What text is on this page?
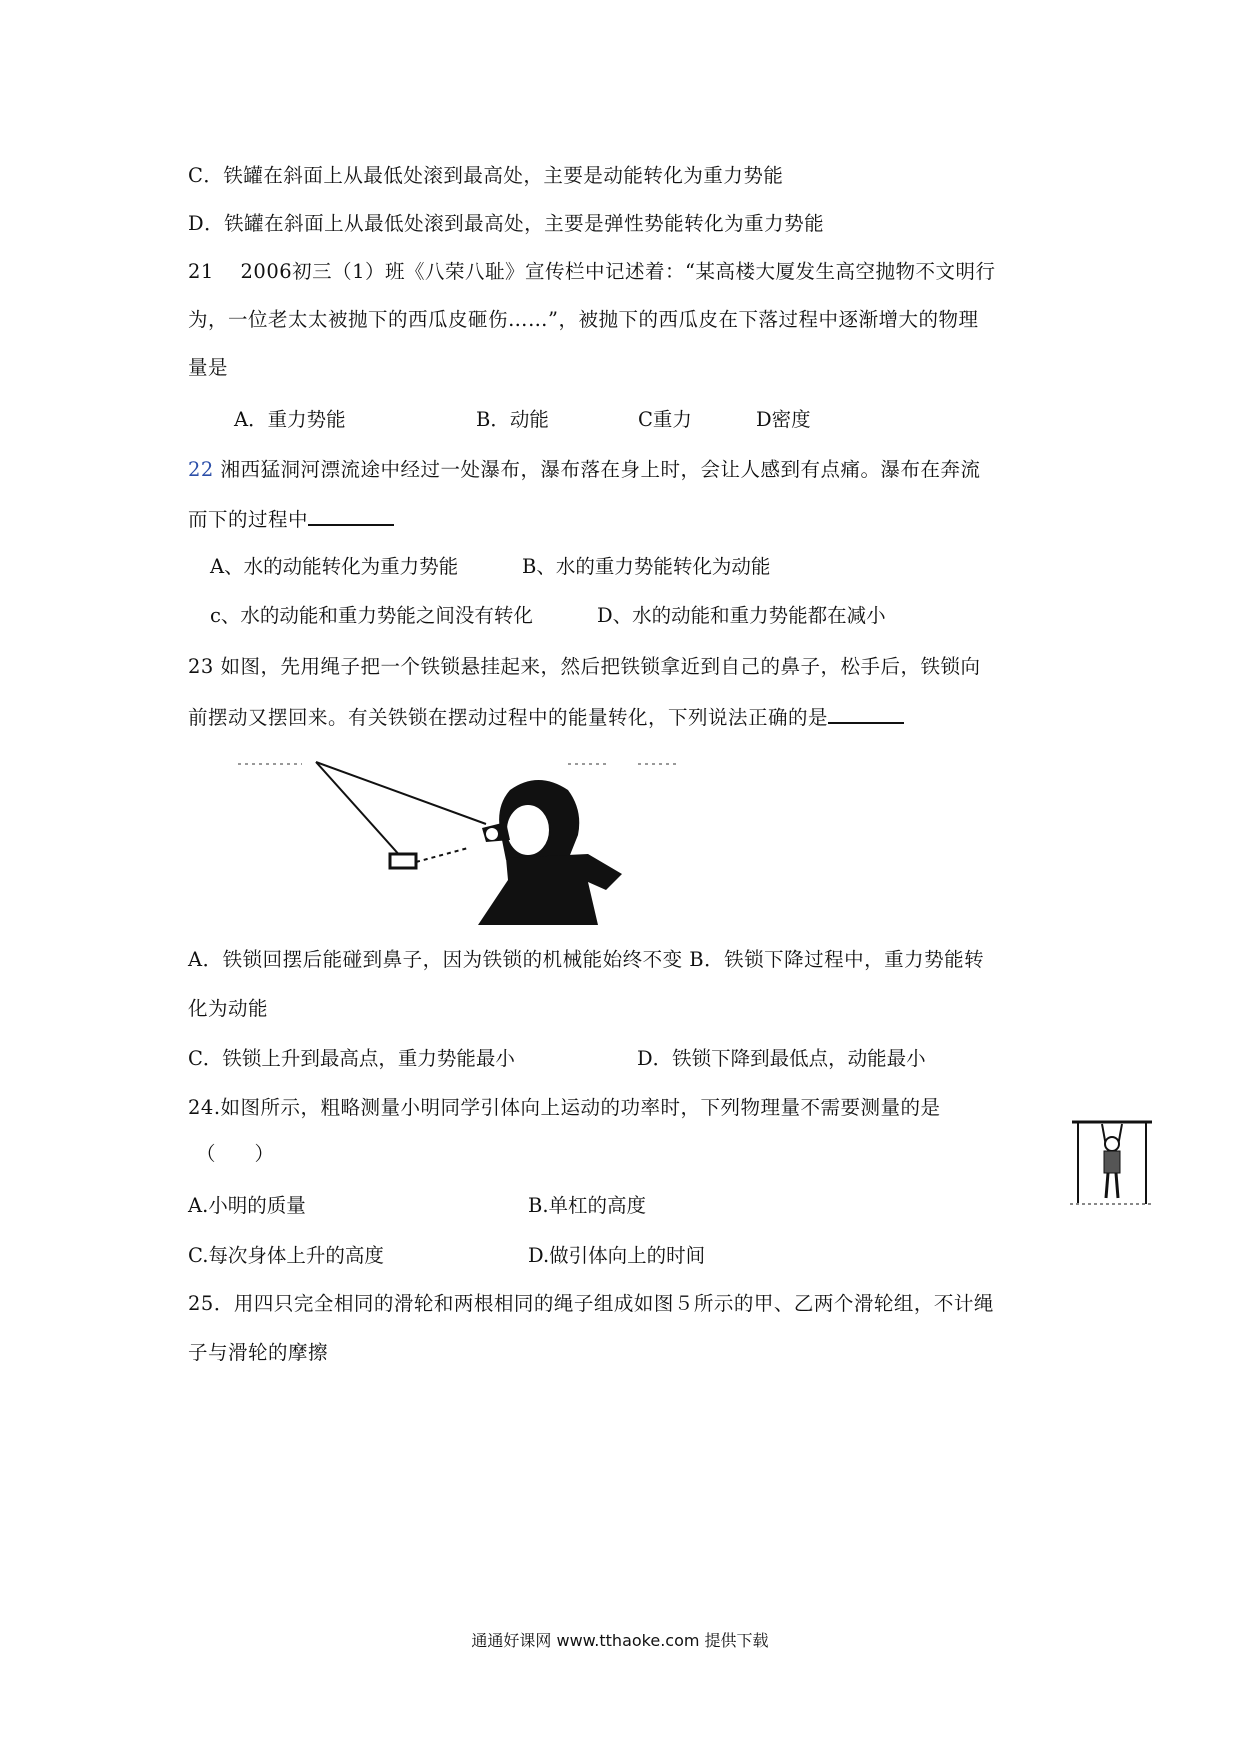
C．铁罐在斜面上从最低处滚到最高处，主要是动能转化为重力势能
D．铁罐在斜面上从最低处滚到最高处，主要是弹性势能转化为重力势能
21　 2006初三（1）班《八荣八耻》宣传栏中记述着：“某高楼大厦发生高空抛物不文明行
为，一位老太太被抛下的西瓜皮砸伤……”，被抛下的西瓜皮在下落过程中逐渐增大的物理
量是
A．重力势能	B．动能	C重力	D密度
22 湘西猛洞河漂流途中经过一处瀑布，瀑布落在身上时，会让人感到有点痛。瀑布在奔流
而下的过程中
A、水的动能转化为重力势能	B、水的重力势能转化为动能
c、水的动能和重力势能之间没有转化	D、水的动能和重力势能都在减小
23 如图，先用绳子把一个铁锁悬挂起来，然后把铁锁拿近到自己的鼻子，松手后，铁锁向
前摆动又摆回来。有关铁锁在摆动过程中的能量转化，下列说法正确的是
A．铁锁回摆后能碰到鼻子，因为铁锁的机械能始终不变 B．铁锁下降过程中，重力势能转
化为动能
C．铁锁上升到最高点，重力势能最小	D．铁锁下降到最低点，动能最小
24.如图所示，粗略测量小明同学引体向上运动的功率时，下列物理量不需要测量的是
（　　）
A.小明的质量	B.单杠的高度
C.每次身体上升的高度	D.做引体向上的时间
25．用四只完全相同的滑轮和两根相同的绳子组成如图５所示的甲、乙两个滑轮组，不计绳
子与滑轮的摩擦
通通好课网 www.tthaoke.com 提供下载
